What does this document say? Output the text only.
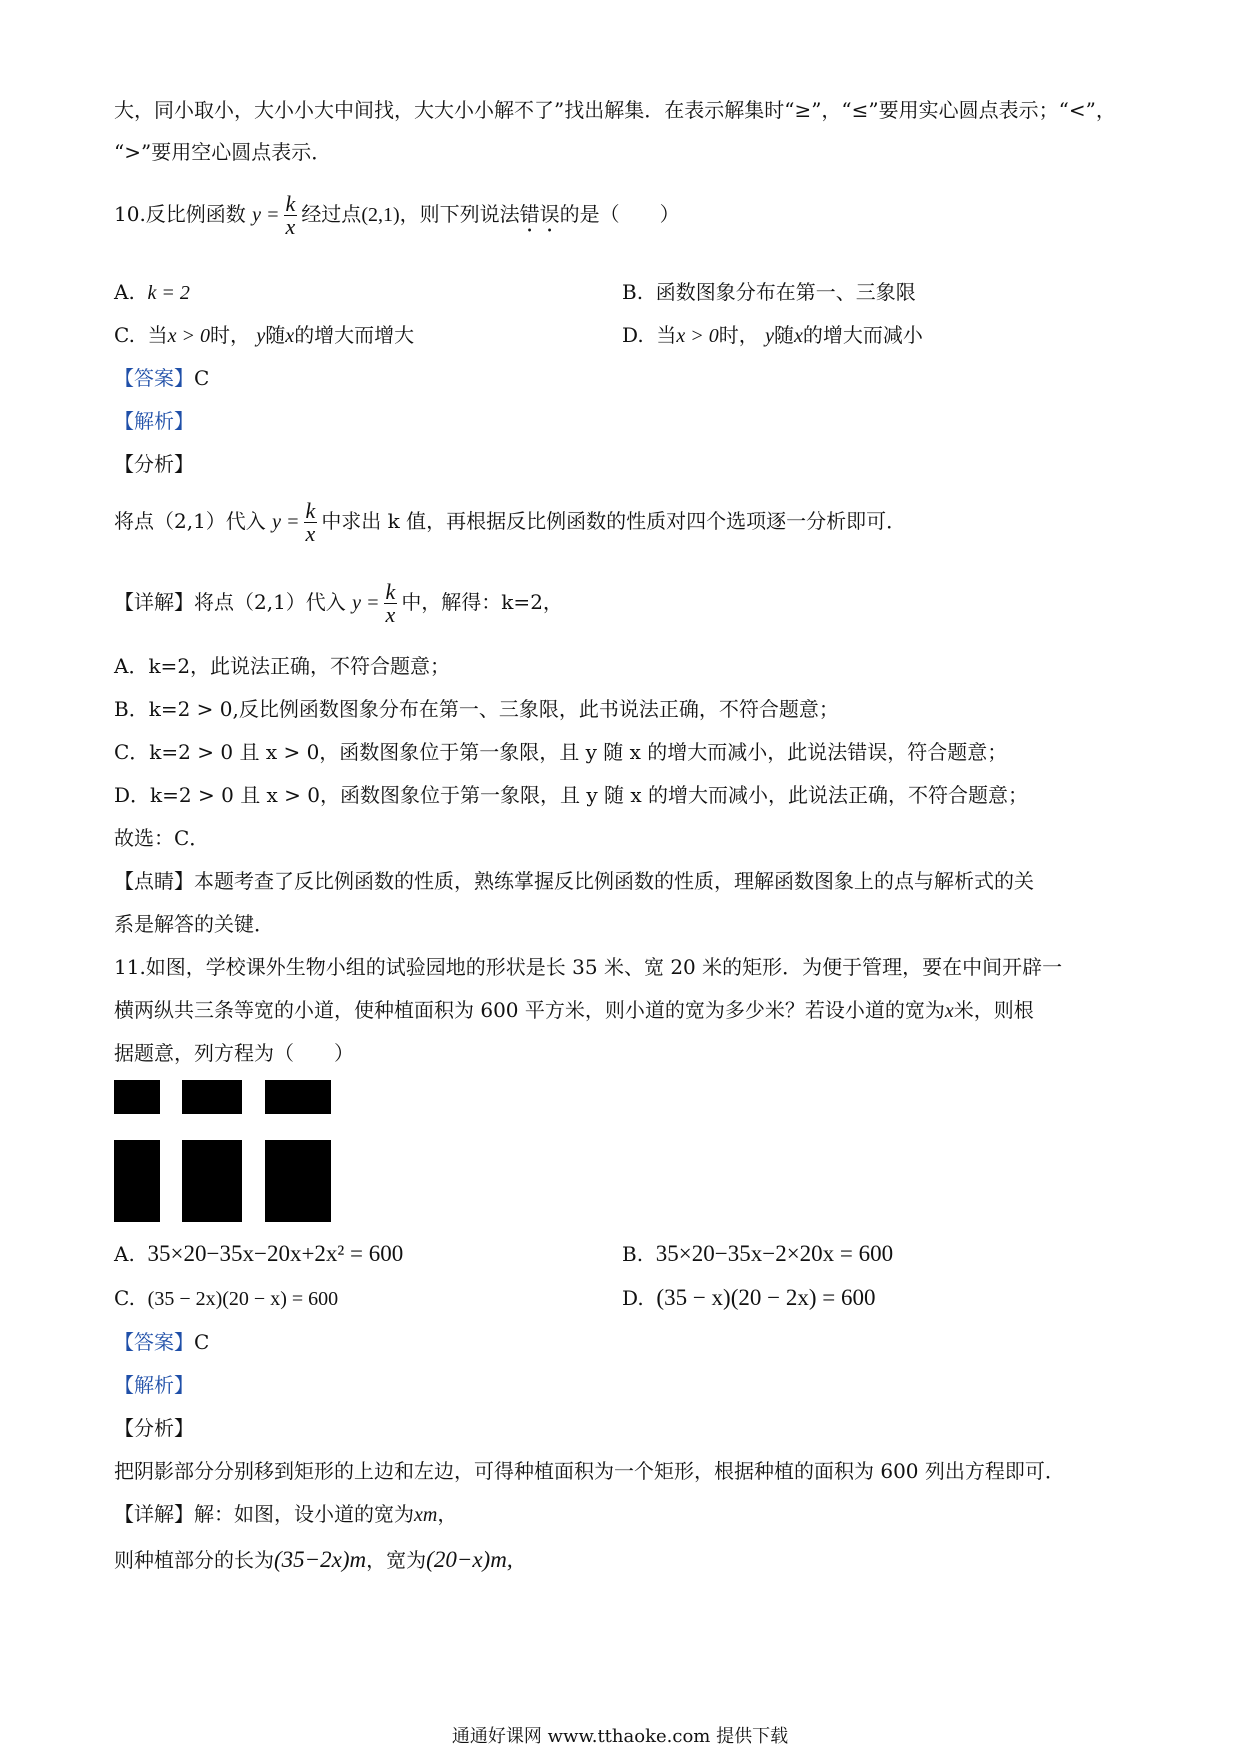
大，同小取小，大小小大中间找，大大小小解不了”找出解集．在表示解集时“≥”，“≤”要用实心圆点表示；“<”，
“>”要用空心圆点表示．
10.反比例函数 $y = \frac{k}{x}$ 经过点(2,1)，则下列说法错误的是（　　）
A. k = 2	B. 函数图象分布在第一、三象限
C. 当x > 0时， y随x的增大而增大	D. 当x > 0时， y随x的增大而减小
【答案】C
【解析】
【分析】
将点（2,1）代入 $y = \frac{k}{x}$ 中求出 k 值，再根据反比例函数的性质对四个选项逐一分析即可．
【详解】将点（2,1）代入 $y = \frac{k}{x}$ 中，解得：k=2，
A．k=2，此说法正确，不符合题意；
B．k=2 > 0,反比例函数图象分布在第一、三象限，此书说法正确，不符合题意；
C．k=2 > 0 且 x > 0，函数图象位于第一象限，且 y 随 x 的增大而减小，此说法错误，符合题意；
D．k=2 > 0 且 x > 0，函数图象位于第一象限，且 y 随 x 的增大而减小，此说法正确，不符合题意；
故选：C．
【点睛】本题考查了反比例函数的性质，熟练掌握反比例函数的性质，理解函数图象上的点与解析式的关
系是解答的关键．
11.如图，学校课外生物小组的试验园地的形状是长 35 米、宽 20 米的矩形．为便于管理，要在中间开辟一
横两纵共三条等宽的小道，使种植面积为 600 平方米，则小道的宽为多少米？若设小道的宽为x米，则根
据题意，列方程为（　　）
A. 35×20−35x−20x+2x² = 600	B. 35×20−35x−2×20x = 600
C. (35 − 2x)(20 − x) = 600	D. (35 − x)(20 − 2x) = 600
【答案】C
【解析】
【分析】
把阴影部分分别移到矩形的上边和左边，可得种植面积为一个矩形，根据种植的面积为 600 列出方程即可．
【详解】解：如图，设小道的宽为xm，
则种植部分的长为(35−2x)m，宽为(20−x)m,
通通好课网 www.tthaoke.com 提供下载
